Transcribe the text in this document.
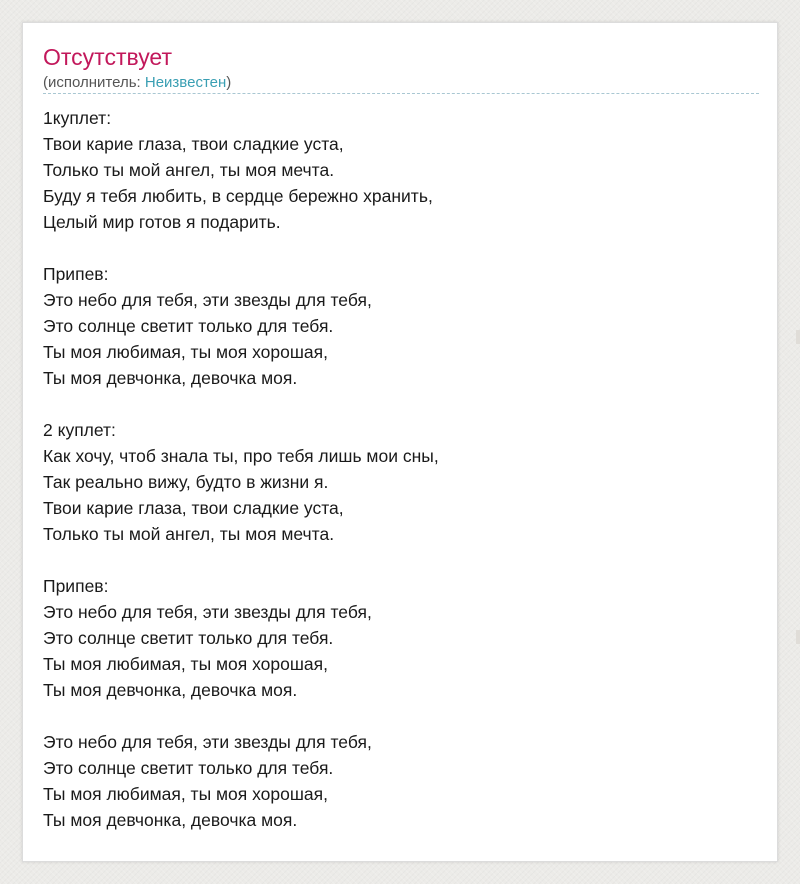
Отсутствует
(исполнитель: Неизвестен)
1куплет:
Твои карие глаза, твои сладкие уста,
Только ты мой ангел, ты моя мечта.
Буду я тебя любить, в сердце бережно хранить,
Целый мир готов я подарить.
Припев:
Это небо для тебя, эти звезды для тебя,
Это солнце светит только для тебя.
Ты моя любимая, ты моя хорошая,
Ты моя девчонка, девочка моя.
2 куплет:
Как хочу, чтоб знала ты, про тебя лишь мои сны,
Так реально вижу, будто в жизни я.
Твои карие глаза, твои сладкие уста,
Только ты мой ангел, ты моя мечта.
Припев:
Это небо для тебя, эти звезды для тебя,
Это солнце светит только для тебя.
Ты моя любимая, ты моя хорошая,
Ты моя девчонка, девочка моя.
Это небо для тебя, эти звезды для тебя,
Это солнце светит только для тебя.
Ты моя любимая, ты моя хорошая,
Ты моя девчонка, девочка моя.
